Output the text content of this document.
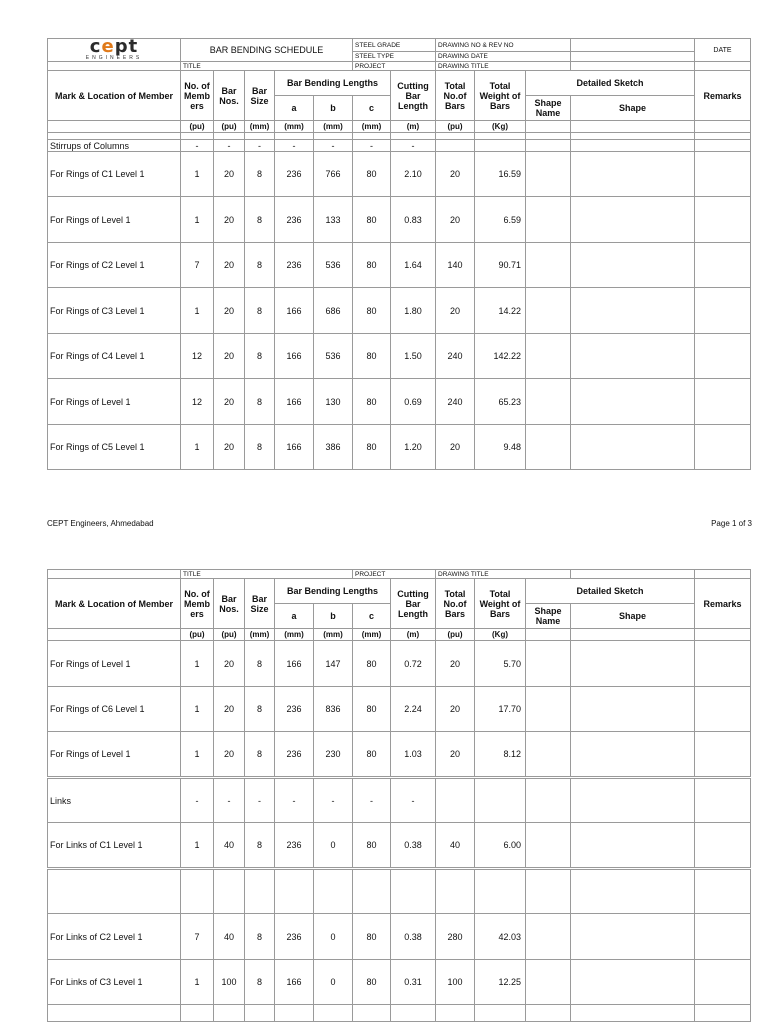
cept
ENGINEERS	BAR BENDING SCHEDULE					STEEL GRADE		DRAWING NO & REV NO				DATE
						STEEL TYPE		DRAWING DATE				
	TITLE					PROJECT		DRAWING TITLE				
Mark & Location of Member	No. of Memb ers	Bar Nos.	Bar Size	Bar Bending Lengths			Cutting Bar Length	Total No.of Bars	Total Weight of Bars	Detailed Sketch		Remarks
				a	b	c				Shape Name	Shape	
	(pu)	(pu)	(mm)	(mm)	(mm)	(mm)	(m)	(pu)	(Kg)			

Stirrups of Columns	-	-	-	-	-	-	-					
For Rings of C1 Level 1	1	20	8	236	766	80	2.10	20	16.59			
For Rings of Level 1	1	20	8	236	133	80	0.83	20	6.59			
For Rings of C2 Level 1	7	20	8	236	536	80	1.64	140	90.71			
For Rings of C3 Level 1	1	20	8	166	686	80	1.80	20	14.22			
For Rings of C4 Level 1	12	20	8	166	536	80	1.50	240	142.22			
For Rings of Level 1	12	20	8	166	130	80	0.69	240	65.23			
For Rings of C5 Level 1	1	20	8	166	386	80	1.20	20	9.48			
CEPT Engineers, Ahmedabad	Page 1 of 3
	TITLE					PROJECT		DRAWING TITLE				
Mark & Location of Member	No. of Memb ers	Bar Nos.	Bar Size	Bar Bending Lengths			Cutting Bar Length	Total No.of Bars	Total Weight of Bars	Detailed Sketch		Remarks
				a	b	c				Shape Name	Shape	
	(pu)	(pu)	(mm)	(mm)	(mm)	(mm)	(m)	(pu)	(Kg)			
For Rings of Level 1	1	20	8	166	147	80	0.72	20	5.70			
For Rings of C6 Level 1	1	20	8	236	836	80	2.24	20	17.70			
For Rings of Level 1	1	20	8	236	230	80	1.03	20	8.12			
Links	-	-	-	-	-	-	-					
For Links of C1 Level 1	1	40	8	236	0	80	0.38	40	6.00			

For Links of C2 Level 1	7	40	8	236	0	80	0.38	280	42.03			
For Links of C3 Level 1	1	100	8	166	0	80	0.31	100	12.25			
